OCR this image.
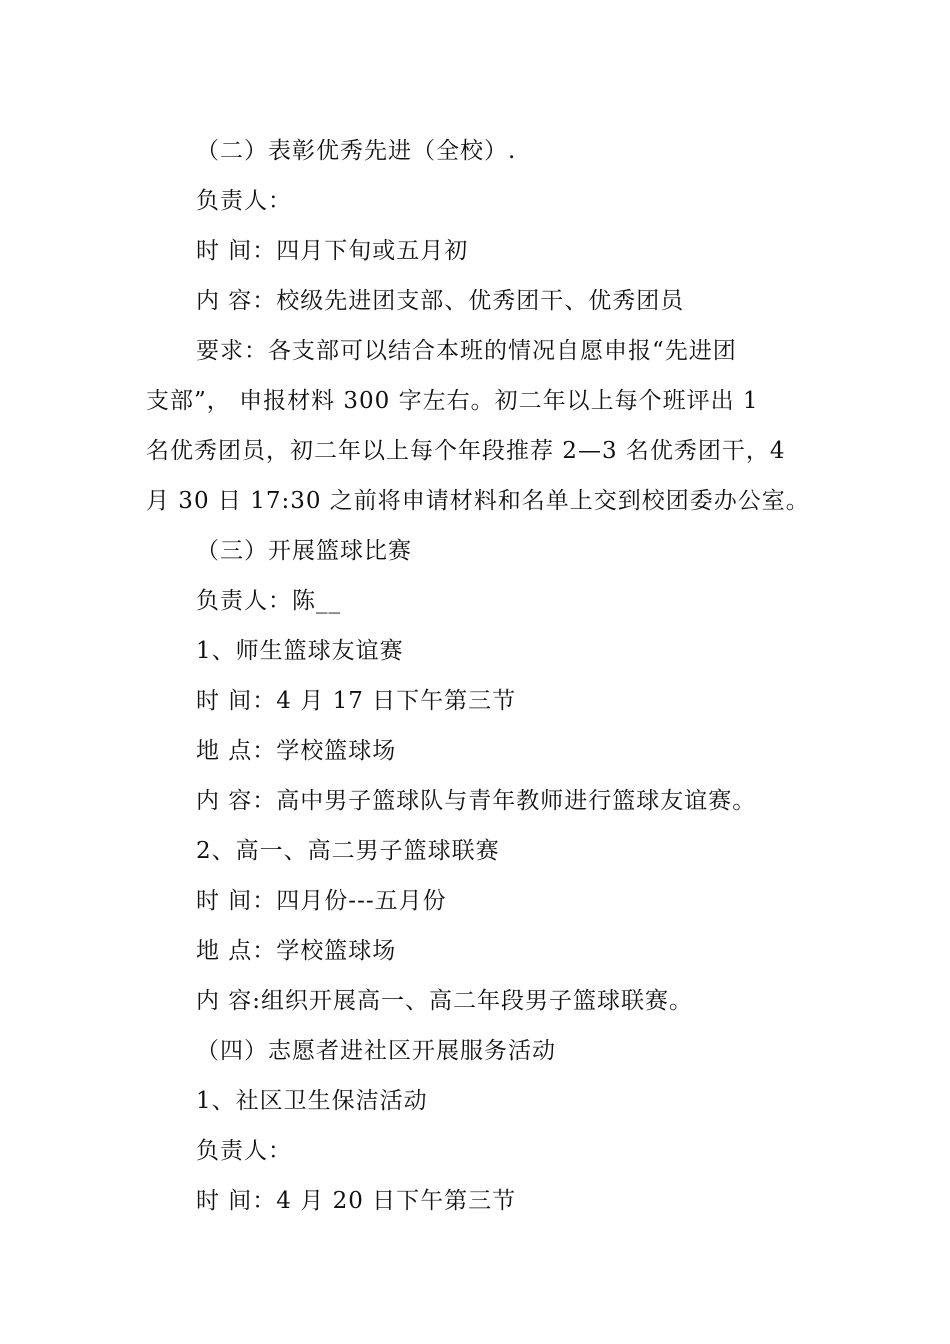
（二）表彰优秀先进（全校）.
负责人：
时 间：四月下旬或五月初
内 容：校级先进团支部、优秀团干、优秀团员
要求：各支部可以结合本班的情况自愿申报“先进团
支部”， 申报材料 300 字左右。初二年以上每个班评出 1
名优秀团员，初二年以上每个年段推荐 2—3 名优秀团干，4
月 30 日 17:30 之前将申请材料和名单上交到校团委办公室。
（三）开展篮球比赛
负责人：陈__
1、师生篮球友谊赛
时 间：4 月 17 日下午第三节
地 点：学校篮球场
内 容：高中男子篮球队与青年教师进行篮球友谊赛。
2、高一、高二男子篮球联赛
时 间：四月份---五月份
地 点：学校篮球场
内 容:组织开展高一、高二年段男子篮球联赛。
（四）志愿者进社区开展服务活动
1、社区卫生保洁活动
负责人：
时 间：4 月 20 日下午第三节
